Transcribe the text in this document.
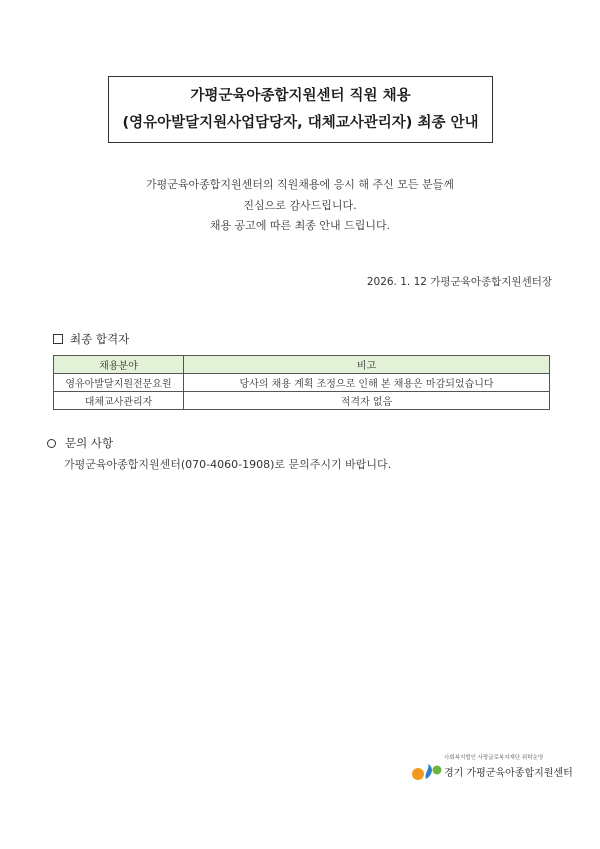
가평군육아종합지원센터 직원 채용
(영유아발달지원사업담당자, 대체교사관리자) 최종 안내
가평군육아종합지원센터의 직원채용에 응시 해 주신 모든 분들께
진심으로 감사드립니다.
채용 공고에 따른 최종 안내 드립니다.
2026. 1. 12 가평군육아종합지원센터장
최종 합격자
채용분야	비고
영유아발달지원전문요원	당사의 채용 계획 조정으로 인해 본 채용은 마감되었습니다
대체교사관리자	적격자 없음
문의 사항
가평군육아종합지원센터(070-4060-1908)로 문의주시기 바랍니다.
사회복지법인 사랑글로복지재단 위탁운영
경기 가평군육아종합지원센터
